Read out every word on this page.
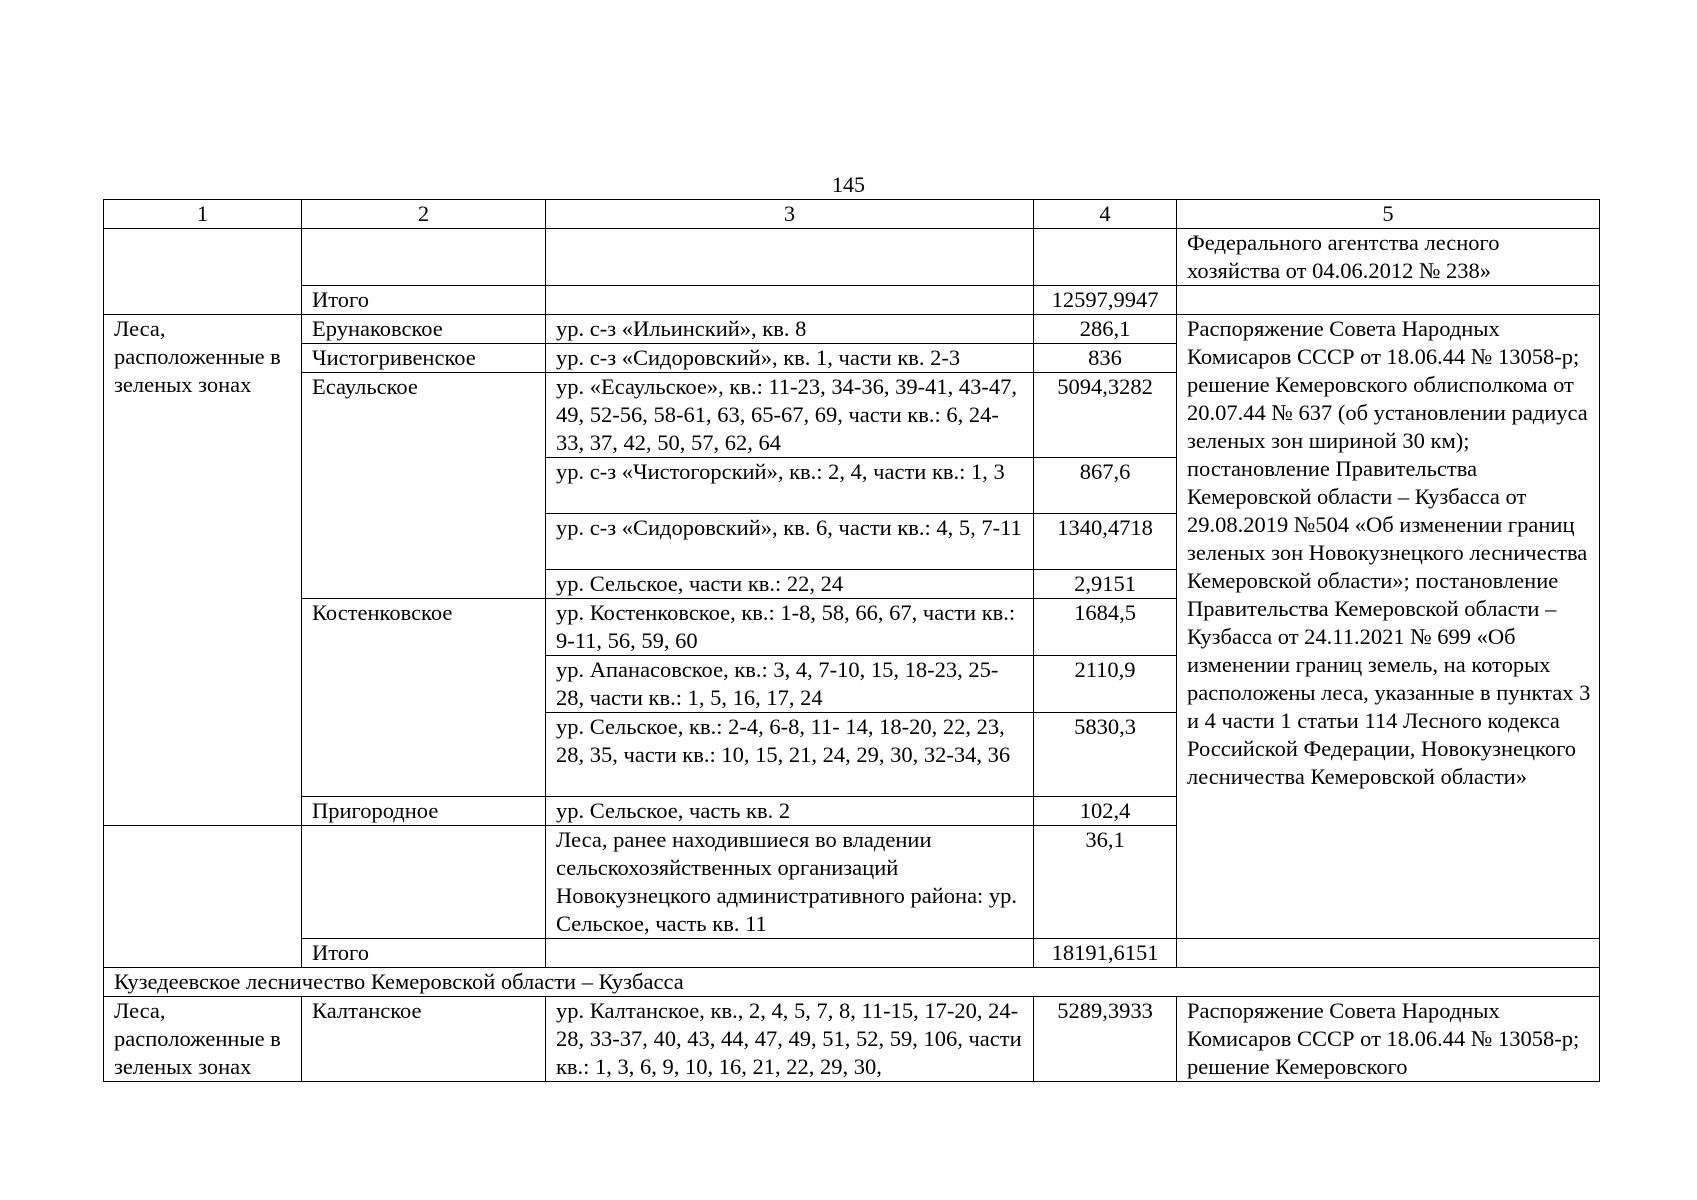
145
1	2	3	4	5
				Федерального агентства лесного хозяйства от 04.06.2012 № 238»
	Итого		12597,9947	
Леса, расположенные в зеленых зонах	Ерунаковское	ур. с-з «Ильинский», кв. 8	286,1	Распоряжение Совета Народных Комисаров СССР от 18.06.44 № 13058-р; решение Кемеровского облисполкома от 20.07.44 № 637 (об установлении радиуса зеленых зон шириной 30 км); постановление Правительства Кемеровской области – Кузбасса от 29.08.2019 №504 «Об изменении границ зеленых зон Новокузнецкого лесничества Кемеровской области»; постановление Правительства Кемеровской области – Кузбасса от 24.11.2021 № 699 «Об изменении границ земель, на которых расположены леса, указанные в пунктах 3 и 4 части 1 статьи 114 Лесного кодекса Российской Федерации, Новокузнецкого лесничества Кемеровской области»
	Чистогривенское	ур. с-з «Сидоровский», кв. 1, части кв. 2-3	836	
	Есаульское	ур. «Есаульское», кв.: 11-23, 34-36, 39-41, 43-47, 49, 52-56, 58-61, 63, 65-67, 69, части кв.: 6, 24-33, 37, 42, 50, 57, 62, 64	5094,3282	
		ур. с-з «Чистогорский», кв.: 2, 4, части кв.: 1, 3	867,6	
		ур. с-з «Сидоровский», кв. 6, части кв.: 4, 5, 7-11	1340,4718	
		ур. Сельское, части кв.: 22, 24	2,9151	
	Костенковское	ур. Костенковское, кв.: 1-8, 58, 66, 67, части кв.: 9-11, 56, 59, 60	1684,5	
		ур. Апанасовское, кв.: 3, 4, 7-10, 15, 18-23, 25-28, части кв.: 1, 5, 16, 17, 24	2110,9	
		ур. Сельское, кв.: 2-4, 6-8, 11- 14, 18-20, 22, 23, 28, 35, части кв.: 10, 15, 21, 24, 29, 30, 32-34, 36	5830,3	
	Пригородное	ур. Сельское, часть кв. 2	102,4	
		Леса, ранее находившиеся во владении сельскохозяйственных организаций Новокузнецкого административного района: ур. Сельское, часть кв. 11	36,1	
	Итого		18191,6151	
Кузедеевское лесничество Кемеровской области – Кузбасса				
Леса, расположенные в зеленых зонах	Калтанское	ур. Калтанское, кв., 2, 4, 5, 7, 8, 11-15, 17-20, 24-28, 33-37, 40, 43, 44, 47, 49, 51, 52, 59, 106, части кв.: 1, 3, 6, 9, 10, 16, 21, 22, 29, 30,	5289,3933	Распоряжение Совета Народных Комисаров СССР от 18.06.44 № 13058-р; решение Кемеровского
